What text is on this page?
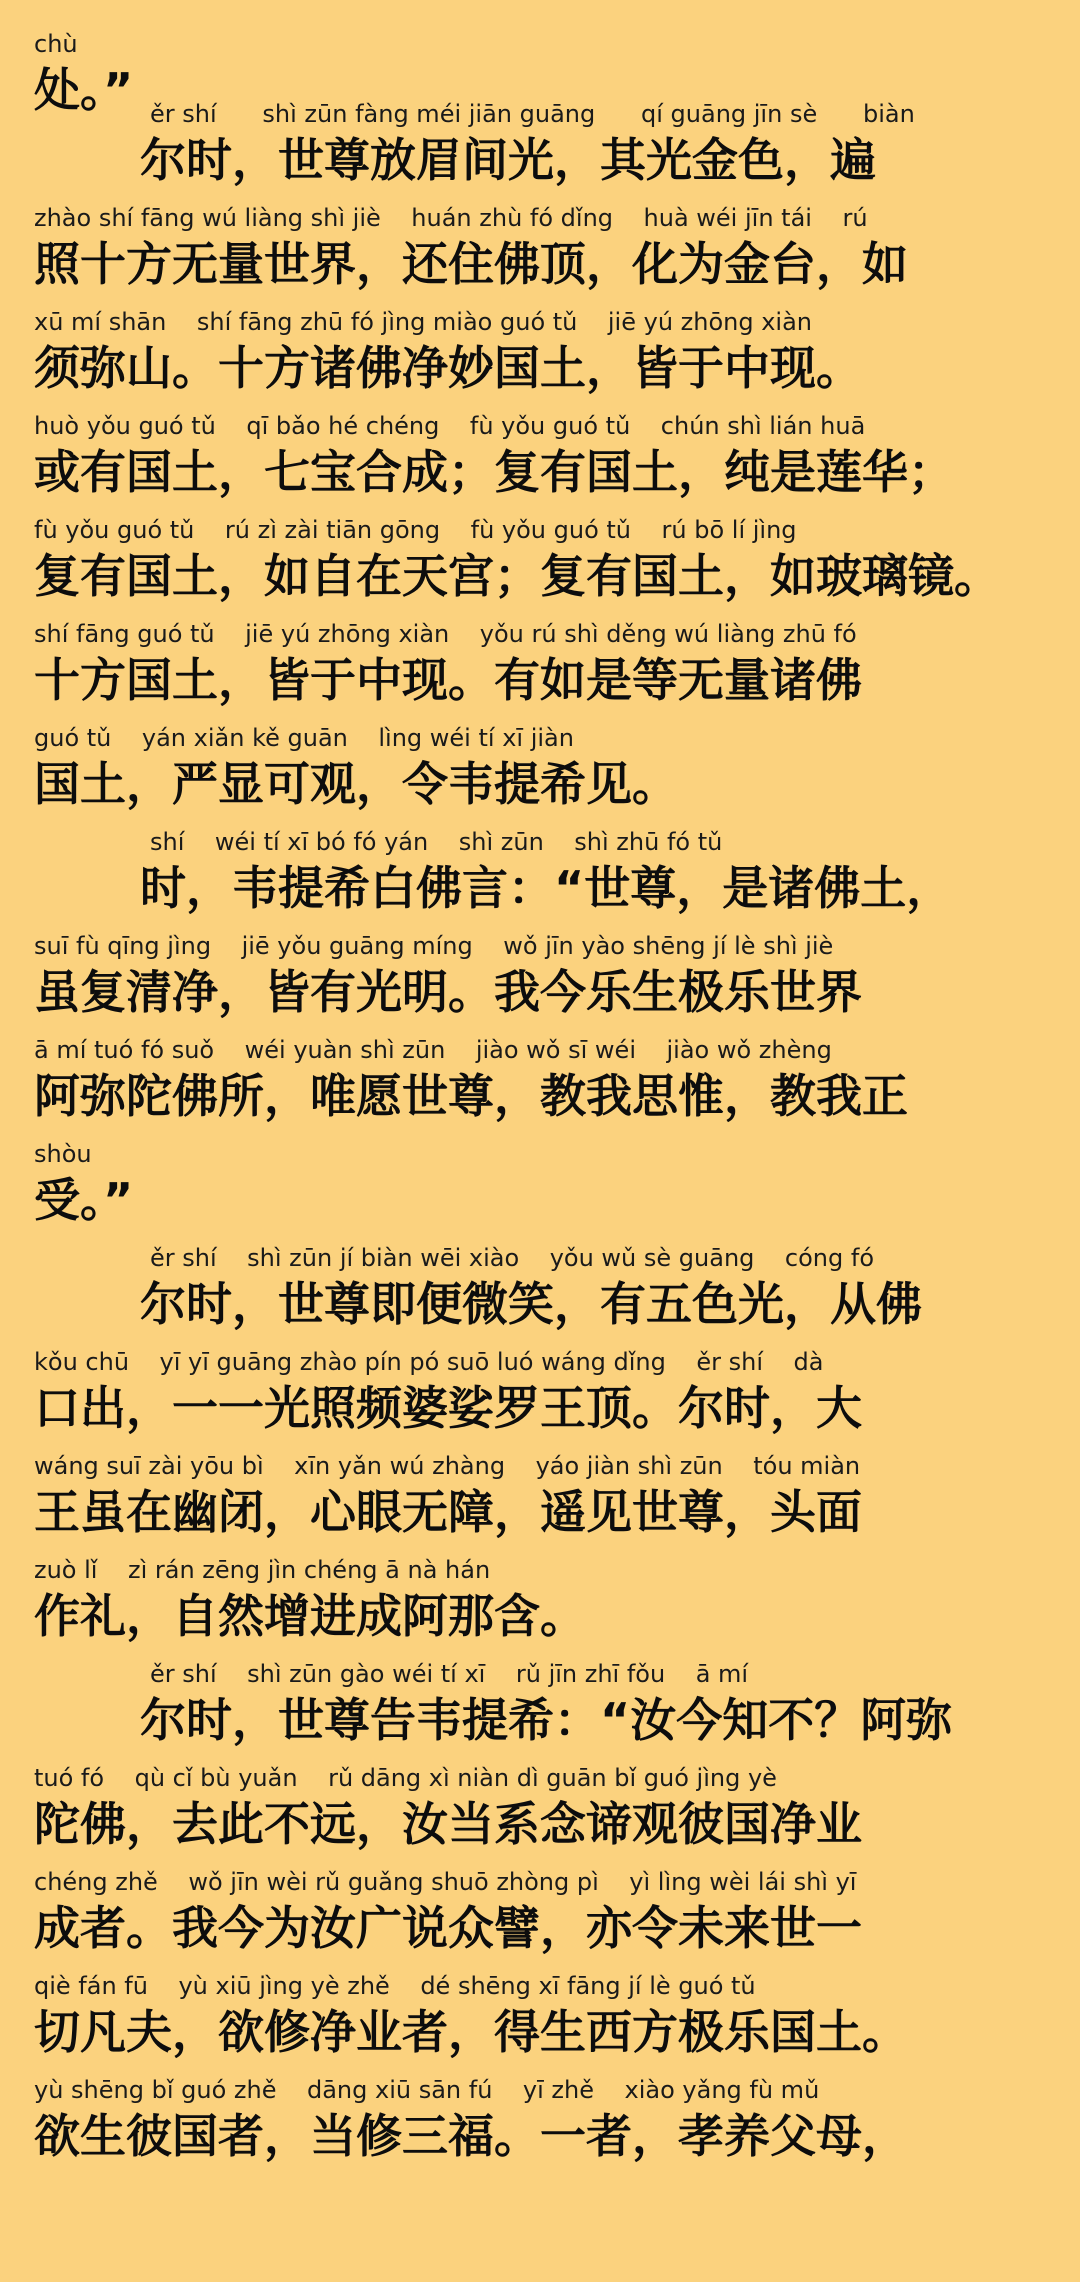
chù
处。” ěr shí      shì zūn fàng méi jiān guāng      qí guāng jīn sè      biàn
尔时，世尊放眉间光，其光金色，遍
zhào shí fāng wú liàng shì jiè    huán zhù fó dǐng    huà wéi jīn tái    rú
照十方无量世界，还住佛顶，化为金台，如
xū mí shān    shí fāng zhū fó jìng miào guó tǔ    jiē yú zhōng xiàn
须弥山。十方诸佛净妙国土，皆于中现。
huò yǒu guó tǔ    qī bǎo hé chéng    fù yǒu guó tǔ    chún shì lián huā
或有国土，七宝合成；复有国土，纯是莲华；
fù yǒu guó tǔ    rú zì zài tiān gōng    fù yǒu guó tǔ    rú bō lí jìng
复有国土，如自在天宫；复有国土，如玻璃镜。
shí fāng guó tǔ    jiē yú zhōng xiàn    yǒu rú shì děng wú liàng zhū fó
十方国土，皆于中现。有如是等无量诸佛
guó tǔ    yán xiǎn kě guān    lìng wéi tí xī jiàn
国土，严显可观，令韦提希见。
shí    wéi tí xī bó fó yán    shì zūn    shì zhū fó tǔ
时，韦提希白佛言：“世尊，是诸佛土，
suī fù qīng jìng    jiē yǒu guāng míng    wǒ jīn yào shēng jí lè shì jiè
虽复清净，皆有光明。我今乐生极乐世界
ā mí tuó fó suǒ    wéi yuàn shì zūn    jiào wǒ sī wéi    jiào wǒ zhèng
阿弥陀佛所，唯愿世尊，教我思惟，教我正
shòu
受。”
ěr shí    shì zūn jí biàn wēi xiào    yǒu wǔ sè guāng    cóng fó
尔时，世尊即便微笑，有五色光，从佛
kǒu chū    yī yī guāng zhào pín pó suō luó wáng dǐng    ěr shí    dà
口出，一一光照频婆娑罗王顶。尔时，大
wáng suī zài yōu bì    xīn yǎn wú zhàng    yáo jiàn shì zūn    tóu miàn
王虽在幽闭，心眼无障，遥见世尊，头面
zuò lǐ    zì rán zēng jìn chéng ā nà hán
作礼，自然增进成阿那含。
ěr shí    shì zūn gào wéi tí xī    rǔ jīn zhī fǒu    ā mí
尔时，世尊告韦提希：“汝今知不？阿弥
tuó fó    qù cǐ bù yuǎn    rǔ dāng xì niàn dì guān bǐ guó jìng yè
陀佛，去此不远，汝当系念谛观彼国净业
chéng zhě    wǒ jīn wèi rǔ guǎng shuō zhòng pì    yì lìng wèi lái shì yī
成者。我今为汝广说众譬，亦令未来世一
qiè fán fū    yù xiū jìng yè zhě    dé shēng xī fāng jí lè guó tǔ
切凡夫，欲修净业者，得生西方极乐国土。
yù shēng bǐ guó zhě    dāng xiū sān fú    yī zhě    xiào yǎng fù mǔ
欲生彼国者，当修三福。一者，孝养父母，
